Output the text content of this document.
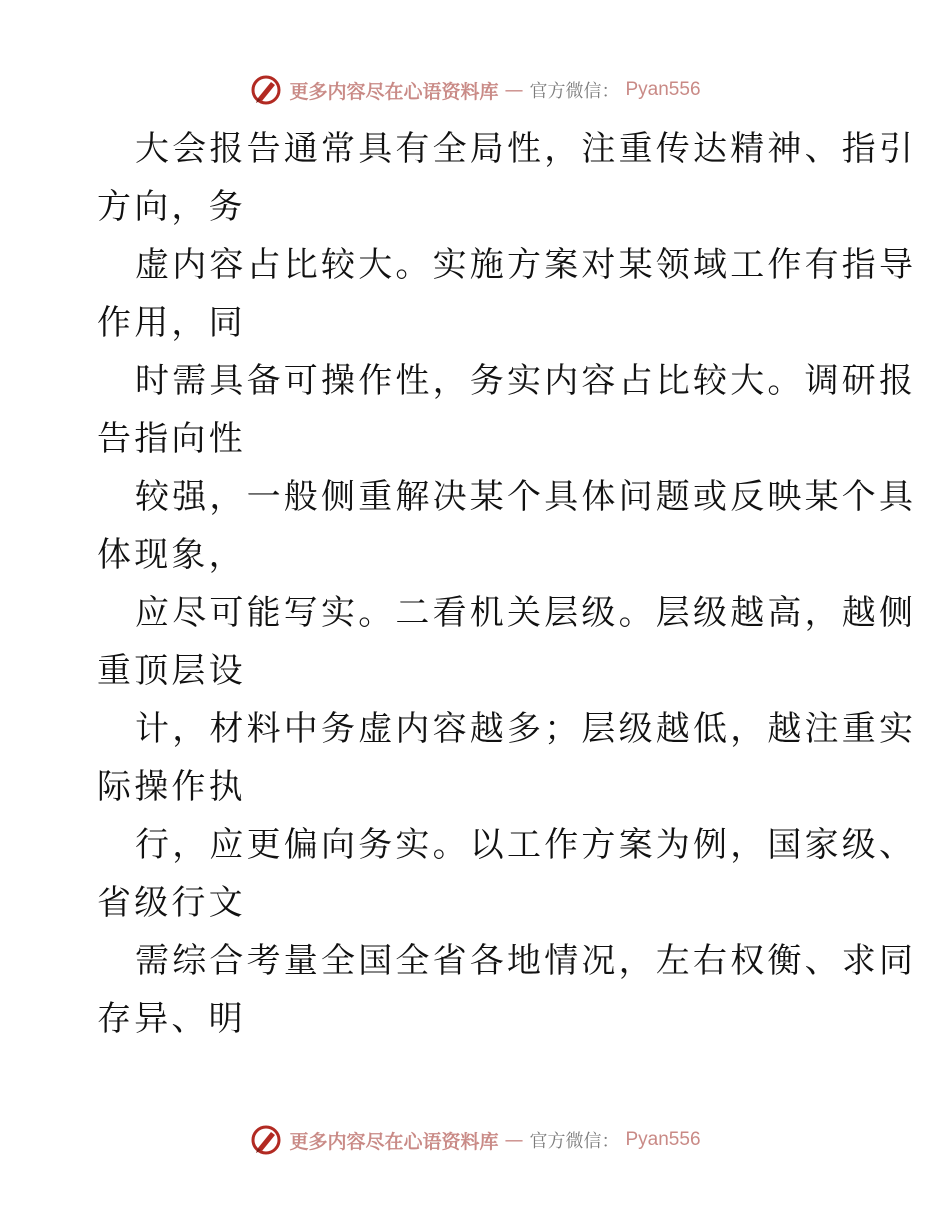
更多内容尽在心语资料库 — 官方微信： Pyan556

大会报告通常具有全局性，注重传达精神、指引
方向，务

虚内容占比较大。实施方案对某领域工作有指导
作用，同

时需具备可操作性，务实内容占比较大。调研报
告指向性

较强，一般侧重解决某个具体问题或反映某个具
体现象，

应尽可能写实。二看机关层级。层级越高，越侧
重顶层设

计，材料中务虚内容越多；层级越低，越注重实
际操作执

行，应更偏向务实。以工作方案为例，国家级、
省级行文

需综合考量全国全省各地情况，左右权衡、求同
存异、明

更多内容尽在心语资料库 — 官方微信： Pyan556
